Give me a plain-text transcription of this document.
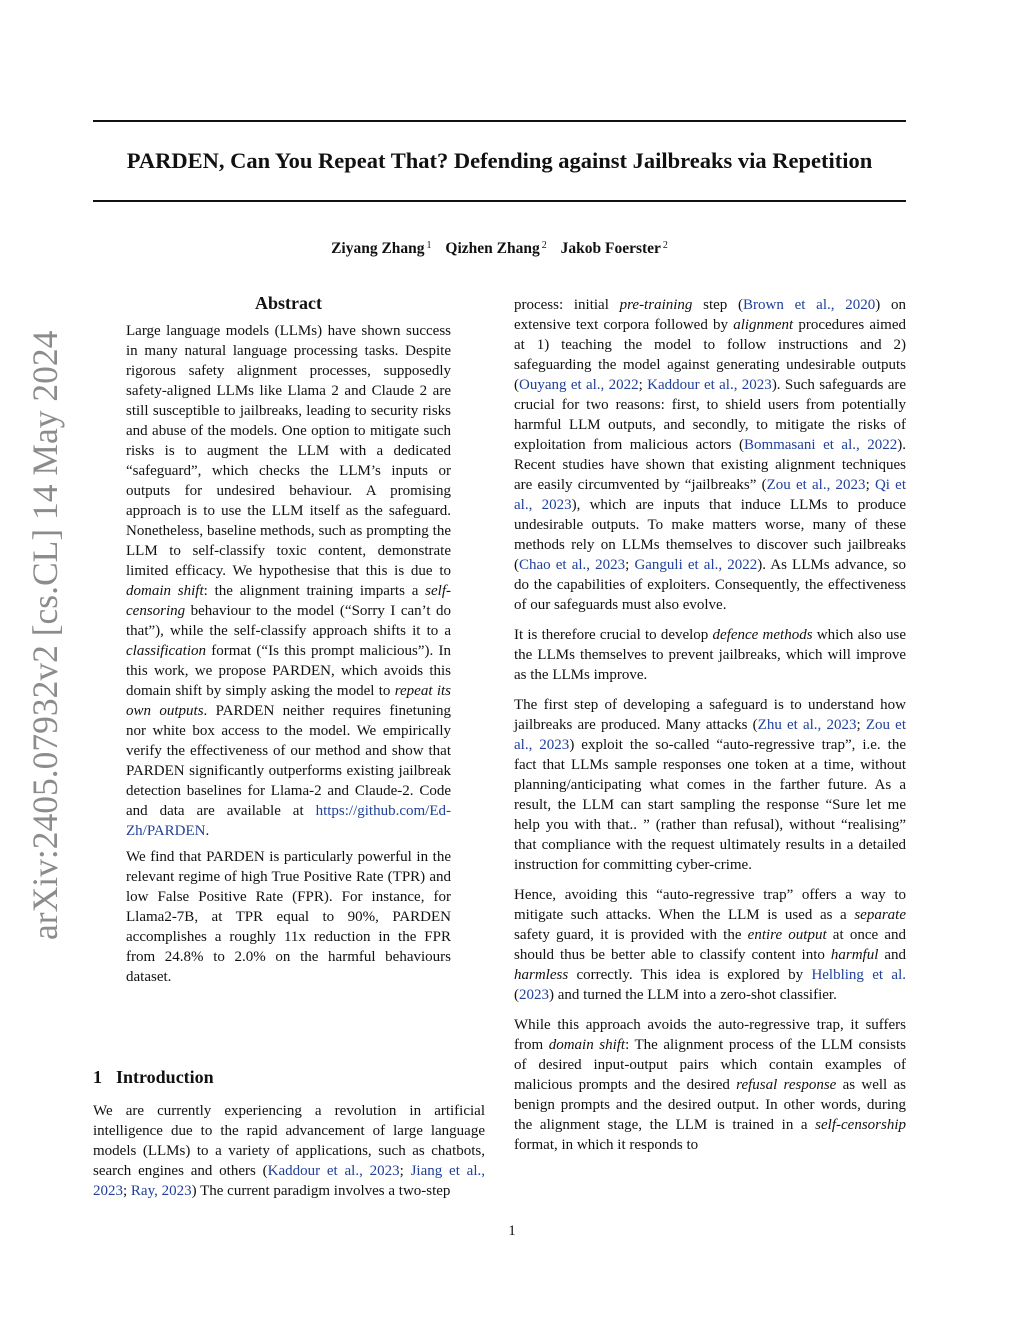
PARDEN, Can You Repeat That? Defending against Jailbreaks via Repetition
Ziyang Zhang $^1$ Qizhen Zhang $^2$ Jakob Foerster $^2$
arXiv:2405.07932v2 [cs.CL] 14 May 2024
Abstract

Large language models (LLMs) have shown success in many natural language processing tasks. Despite rigorous safety alignment processes, supposedly safety-aligned LLMs like Llama 2 and Claude 2 are still susceptible to jailbreaks, leading to security risks and abuse of the models. One option to mitigate such risks is to augment the LLM with a dedicated “safeguard”, which checks the LLM’s inputs or outputs for undesired behaviour. A promising approach is to use the LLM itself as the safeguard. Nonetheless, baseline methods, such as prompting the LLM to self-classify toxic content, demonstrate limited efficacy. We hypothesise that this is due to domain shift: the alignment training imparts a self-censoring behaviour to the model (“Sorry I can’t do that”), while the self-classify approach shifts it to a classification format (“Is this prompt malicious”). In this work, we propose PARDEN, which avoids this domain shift by simply asking the model to repeat its own outputs. PARDEN neither requires finetuning nor white box access to the model. We empirically verify the effectiveness of our method and show that PARDEN significantly outperforms existing jailbreak detection baselines for Llama-2 and Claude-2. Code and data are available at https://github.com/Ed-Zh/PARDEN.

We find that PARDEN is particularly powerful in the relevant regime of high True Positive Rate (TPR) and low False Positive Rate (FPR). For instance, for Llama2-7B, at TPR equal to 90%, PARDEN accomplishes a roughly 11x reduction in the FPR from 24.8% to 2.0% on the harmful behaviours dataset.

1 Introduction

We are currently experiencing a revolution in artificial intelligence due to the rapid advancement of large language models (LLMs) to a variety of applications, such as chatbots, search engines and others (Kaddour et al., 2023; Jiang et al., 2023; Ray, 2023) The current paradigm involves a two-step

process: initial pre-training step (Brown et al., 2020) on extensive text corpora followed by alignment procedures aimed at 1) teaching the model to follow instructions and 2) safeguarding the model against generating undesirable outputs (Ouyang et al., 2022; Kaddour et al., 2023). Such safeguards are crucial for two reasons: first, to shield users from potentially harmful LLM outputs, and secondly, to mitigate the risks of exploitation from malicious actors (Bommasani et al., 2022). Recent studies have shown that existing alignment techniques are easily circumvented by “jailbreaks” (Zou et al., 2023; Qi et al., 2023), which are inputs that induce LLMs to produce undesirable outputs. To make matters worse, many of these methods rely on LLMs themselves to discover such jailbreaks (Chao et al., 2023; Ganguli et al., 2022). As LLMs advance, so do the capabilities of exploiters. Consequently, the effectiveness of our safeguards must also evolve.

It is therefore crucial to develop defence methods which also use the LLMs themselves to prevent jailbreaks, which will improve as the LLMs improve.

The first step of developing a safeguard is to understand how jailbreaks are produced. Many attacks (Zhu et al., 2023; Zou et al., 2023) exploit the so-called “auto-regressive trap”, i.e. the fact that LLMs sample responses one token at a time, without planning/anticipating what comes in the farther future. As a result, the LLM can start sampling the response “Sure let me help you with that.. ” (rather than refusal), without “realising” that compliance with the request ultimately results in a detailed instruction for committing cyber-crime.

Hence, avoiding this “auto-regressive trap” offers a way to mitigate such attacks. When the LLM is used as a separate safety guard, it is provided with the entire output at once and should thus be better able to classify content into harmful and harmless correctly. This idea is explored by Helbling et al. (2023) and turned the LLM into a zero-shot classifier.

While this approach avoids the auto-regressive trap, it suffers from domain shift: The alignment process of the LLM consists of desired input-output pairs which contain examples of malicious prompts and the desired refusal response as well as benign prompts and the desired output. In other words, during the alignment stage, the LLM is trained in a self-censorship format, in which it responds to

1
